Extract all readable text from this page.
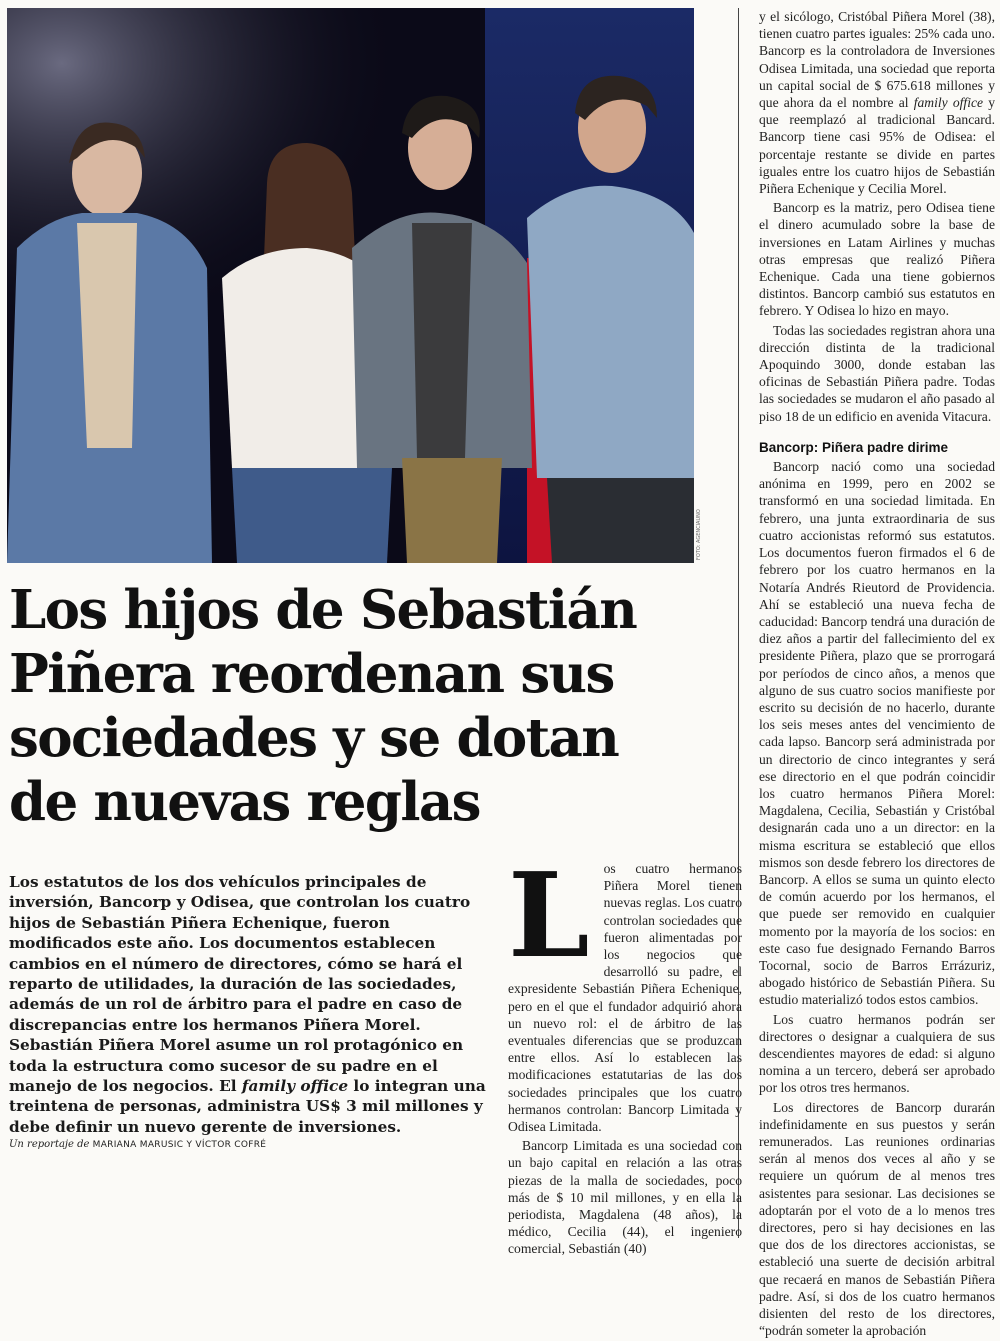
FOTO: AGENCIAUNO
Los hijos de Sebastián Piñera reordenan sus sociedades y se dotan de nuevas reglas

Los estatutos de los dos vehículos principales de inversión, Bancorp y Odisea, que controlan los cuatro hijos de Sebastián Piñera Echenique, fueron modificados este año. Los documentos establecen cambios en el número de directores, cómo se hará el reparto de utilidades, la duración de las sociedades, además de un rol de árbitro para el padre en caso de discrepancias entre los hermanos Piñera Morel. Sebastián Piñera Morel asume un rol protagónico en toda la estructura como sucesor de su padre en el manejo de los negocios. El family office lo integran una treintena de personas, administra US$ 3 mil millones y debe definir un nuevo gerente de inversiones.

Un reportaje de MARIANA MARUSIC Y VÍCTOR COFRÉ
L	os cuatro hermanos Piñera Morel tienen nuevas reglas. Los cuatro controlan sociedades que fueron alimentadas por los negocios que desarrolló su padre, el expresidente Sebastián Piñera Echenique, pero en el que el fundador adquirió ahora un nuevo rol: el de árbitro de las eventuales diferencias que se produzcan entre ellos. Así lo establecen las modificaciones estatutarias de las dos sociedades principales que los cuatro hermanos controlan: Bancorp Limitada y Odisea Limitada.

Bancorp Limitada es una sociedad con un bajo capital en relación a las otras piezas de la malla de sociedades, poco más de $ 10 mil millones, y en ella la periodista, Magdalena (48 años), la médico, Cecilia (44), el ingeniero comercial, Sebastián (40)

y el sicólogo, Cristóbal Piñera Morel (38), tienen cuatro partes iguales: 25% cada uno. Bancorp es la controladora de Inversiones Odisea Limitada, una sociedad que reporta un capital social de $ 675.618 millones y que ahora da el nombre al family office y que reemplazó al tradicional Bancard. Bancorp tiene casi 95% de Odisea: el porcentaje restante se divide en partes iguales entre los cuatro hijos de Sebastián Piñera Echenique y Cecilia Morel.

Bancorp es la matriz, pero Odisea tiene el dinero acumulado sobre la base de inversiones en Latam Airlines y muchas otras empresas que realizó Piñera Echenique. Cada una tiene gobiernos distintos. Bancorp cambió sus estatutos en febrero. Y Odisea lo hizo en mayo.

Todas las sociedades registran ahora una dirección distinta de la tradicional Apoquindo 3000, donde estaban las oficinas de Sebastián Piñera padre. Todas las sociedades se mudaron el año pasado al piso 18 de un edificio en avenida Vitacura.

Bancorp: Piñera padre dirime

Bancorp nació como una sociedad anónima en 1999, pero en 2002 se transformó en una sociedad limitada. En febrero, una junta extraordinaria de sus cuatro accionistas reformó sus estatutos. Los documentos fueron firmados el 6 de febrero por los cuatro hermanos en la Notaría Andrés Rieutord de Providencia. Ahí se estableció una nueva fecha de caducidad: Bancorp tendrá una duración de diez años a partir del fallecimiento del ex presidente Piñera, plazo que se prorrogará por períodos de cinco años, a menos que alguno de sus cuatro socios manifieste por escrito su decisión de no hacerlo, durante los seis meses antes del vencimiento de cada lapso. Bancorp será administrada por un directorio de cinco integrantes y será ese directorio en el que podrán coincidir los cuatro hermanos Piñera Morel: Magdalena, Cecilia, Sebastián y Cristóbal designarán cada uno a un director: en la misma escritura se estableció que ellos mismos son desde febrero los directores de Bancorp. A ellos se suma un quinto electo de común acuerdo por los hermanos, el que puede ser removido en cualquier momento por la mayoría de los socios: en este caso fue designado Fernando Barros Tocornal, socio de Barros Errázuriz, abogado histórico de Sebastián Piñera. Su estudio materializó todos estos cambios.

Los cuatro hermanos podrán ser directores o designar a cualquiera de sus descendientes mayores de edad: si alguno nomina a un tercero, deberá ser aprobado por los otros tres hermanos.

Los directores de Bancorp durarán indefinidamente en sus puestos y serán remunerados. Las reuniones ordinarias serán al menos dos veces al año y se requiere un quórum de al menos tres asistentes para sesionar. Las decisiones se adoptarán por el voto de a lo menos tres directores, pero si hay decisiones en las que dos de los directores accionistas, se estableció una suerte de decisión arbitral que recaerá en manos de Sebastián Piñera padre. Así, si dos de los cuatro hermanos disienten del resto de los directores, “podrán someter la aprobación
